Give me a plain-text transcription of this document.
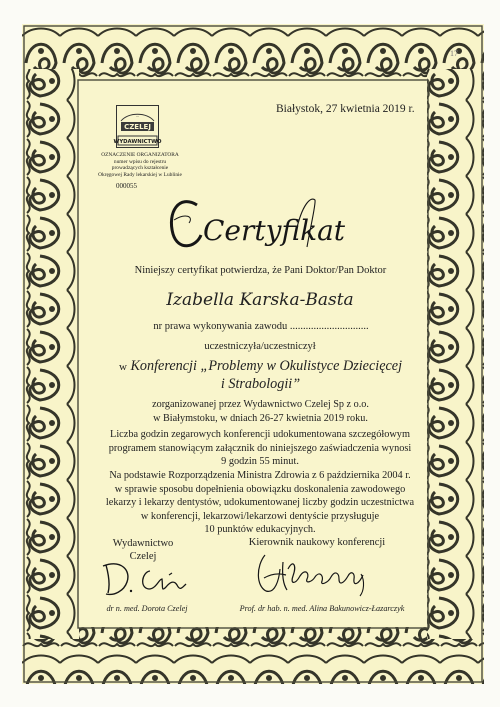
17
Białystok, 27 kwietnia 2019 r.
...
CZELEJ
WYDAWNICTWO
OZNACZENIE ORGANIZATORA
numer wpisu do rejestru
prowadzących kształcenie
Okręgowej Rady lekarskiej w Lublinie
000055
Certyfikat
Niniejszy certyfikat potwierdza, że Pani Doktor/Pan Doktor
Izabella Karska-Basta
nr prawa wykonywania zawodu ..............................
uczestniczyła/uczestniczył
w Konferencji „Problemy w Okulistyce Dziecięcej
i Strabologii”
zorganizowanej przez Wydawnictwo Czelej Sp z o.o.
w Białymstoku, w dniach 26-27 kwietnia 2019 roku.
Liczba godzin zegarowych konferencji udokumentowana szczegółowym
programem stanowiącym załącznik do niniejszego zaświadczenia wynosi
9 godzin 55 minut.
Na podstawie Rozporządzenia Ministra Zdrowia z 6 października 2004 r.
w sprawie sposobu dopełnienia obowiązku doskonalenia zawodowego
lekarzy i lekarzy dentystów, udokumentowanej liczby godzin uczestnictwa
w konferencji, lekarzowi/lekarzowi dentyście przysługuje
10 punktów edukacyjnych.
Wydawnictwo
Czelej
Kierownik naukowy konferencji
dr n. med. Dorota Czelej	Prof. dr hab. n. med. Alina Bakunowicz-Łazarczyk
